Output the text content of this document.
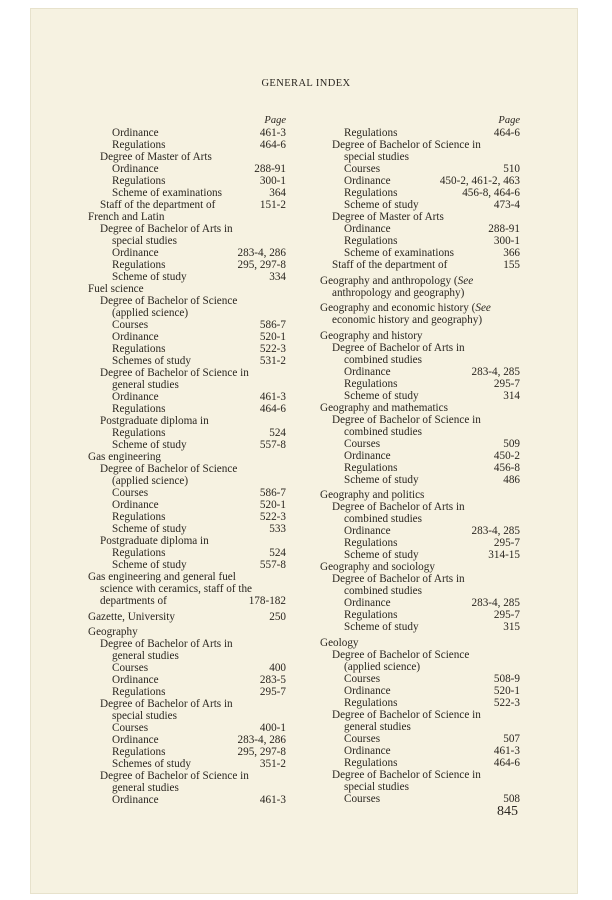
GENERAL INDEX
Page
Ordinance	461-3
Regulations	464-6
Degree of Master of Arts
Ordinance	288-91
Regulations	300-1
Scheme of examinations	364
Staff of the department of	151-2
French and Latin
Degree of Bachelor of Arts in
special studies
Ordinance	283-4, 286
Regulations	295, 297-8
Scheme of study	334
Fuel science
Degree of Bachelor of Science
(applied science)
Courses	586-7
Ordinance	520-1
Regulations	522-3
Schemes of study	531-2
Degree of Bachelor of Science in
general studies
Ordinance	461-3
Regulations	464-6
Postgraduate diploma in
Regulations	524
Scheme of study	557-8
Gas engineering
Degree of Bachelor of Science
(applied science)
Courses	586-7
Ordinance	520-1
Regulations	522-3
Scheme of study	533
Postgraduate diploma in
Regulations	524
Scheme of study	557-8
Gas engineering and general fuel
science with ceramics, staff of the
departments of	178-182
Gazette, University	250
Geography
Degree of Bachelor of Arts in
general studies
Courses	400
Ordinance	283-5
Regulations	295-7
Degree of Bachelor of Arts in
special studies
Courses	400-1
Ordinance	283-4, 286
Regulations	295, 297-8
Schemes of study	351-2
Degree of Bachelor of Science in
general studies
Ordinance	461-3
Page
Regulations	464-6
Degree of Bachelor of Science in
special studies
Courses	510
Ordinance	450-2, 461-2, 463
Regulations	456-8, 464-6
Scheme of study	473-4
Degree of Master of Arts
Ordinance	288-91
Regulations	300-1
Scheme of examinations	366
Staff of the department of	155
Geography and anthropology (See
anthropology and geography)
Geography and economic history (See
economic history and geography)
Geography and history
Degree of Bachelor of Arts in
combined studies
Ordinance	283-4, 285
Regulations	295-7
Scheme of study	314
Geography and mathematics
Degree of Bachelor of Science in
combined studies
Courses	509
Ordinance	450-2
Regulations	456-8
Scheme of study	486
Geography and politics
Degree of Bachelor of Arts in
combined studies
Ordinance	283-4, 285
Regulations	295-7
Scheme of study	314-15
Geography and sociology
Degree of Bachelor of Arts in
combined studies
Ordinance	283-4, 285
Regulations	295-7
Scheme of study	315
Geology
Degree of Bachelor of Science
(applied science)
Courses	508-9
Ordinance	520-1
Regulations	522-3
Degree of Bachelor of Science in
general studies
Courses	507
Ordinance	461-3
Regulations	464-6
Degree of Bachelor of Science in
special studies
Courses	508
845
